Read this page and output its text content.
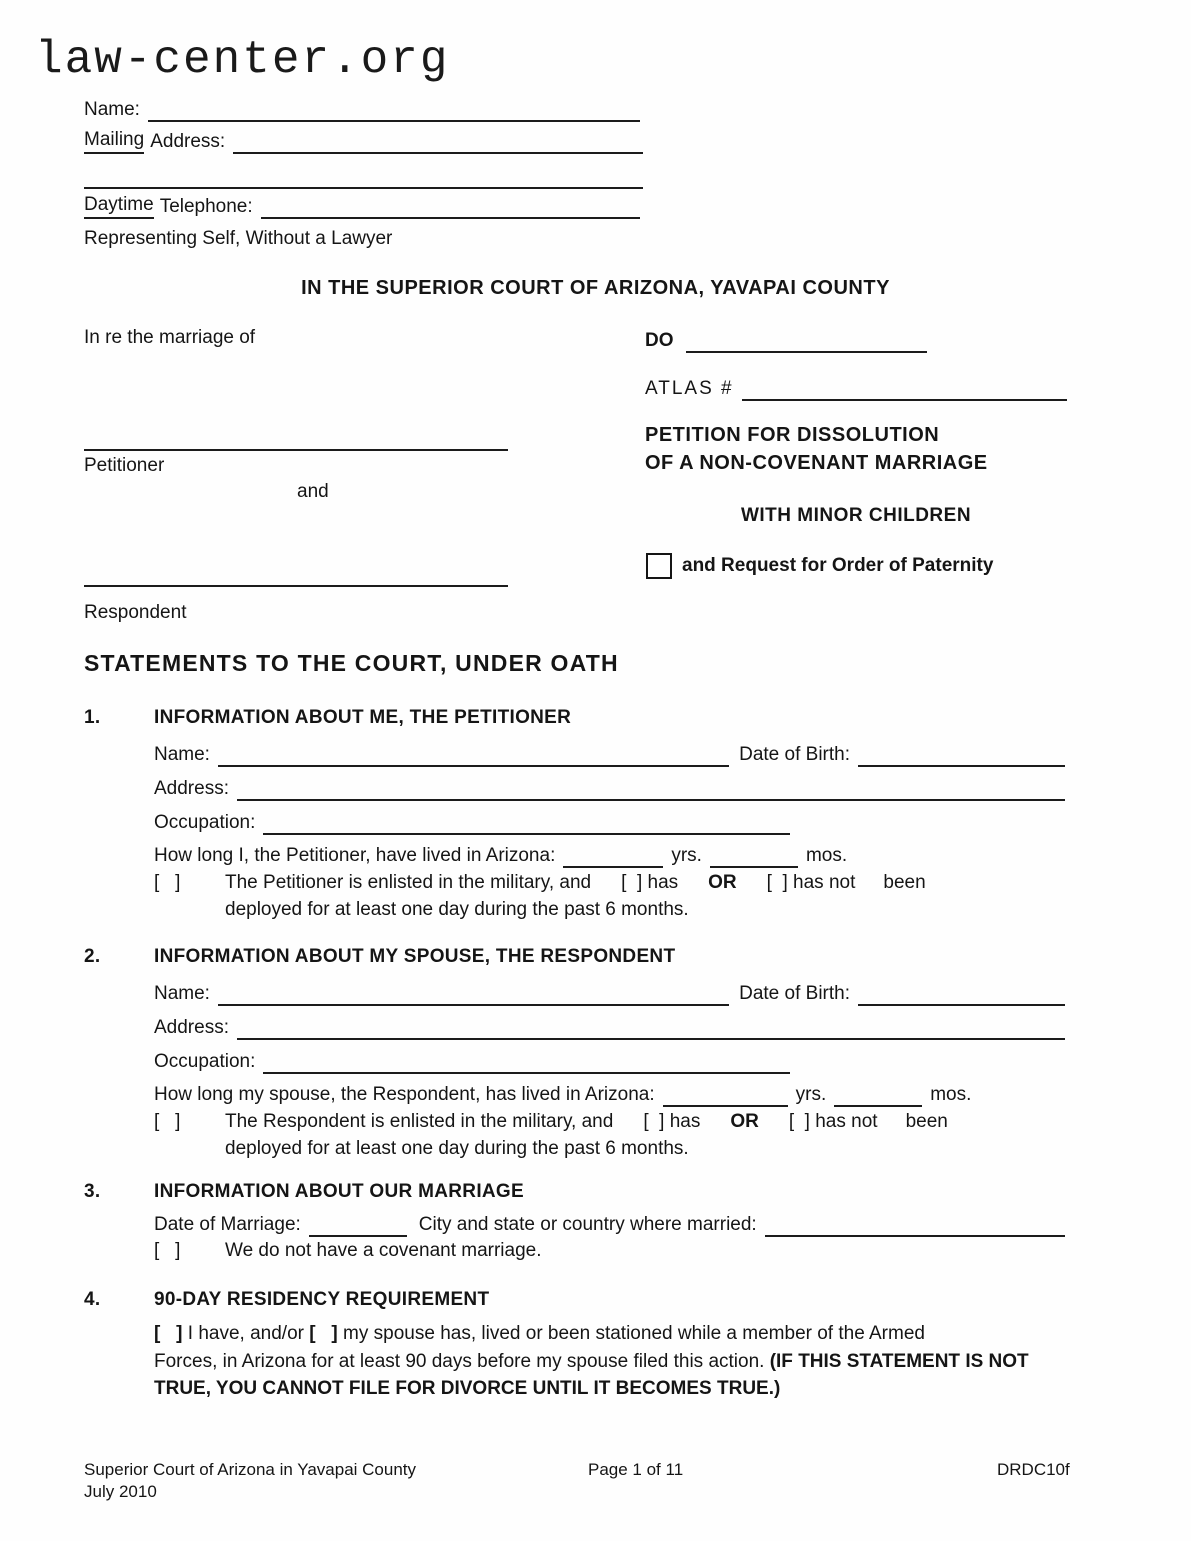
law-center.org
Name:
Mailing Address:
Daytime Telephone:
Representing Self, Without a Lawyer
IN THE SUPERIOR COURT OF ARIZONA, YAVAPAI COUNTY
In re the marriage of
Petitioner
and
Respondent
DO
ATLAS #
PETITION FOR DISSOLUTION
OF A NON-COVENANT MARRIAGE
WITH MINOR CHILDREN
and Request for Order of Paternity
STATEMENTS TO THE COURT, UNDER OATH
1.	INFORMATION ABOUT ME, THE PETITIONER
Name:	Date of Birth:
Address:
Occupation:
How long I, the Petitioner, have lived in Arizona:	yrs.	mos.
[   ]	The Petitioner is enlisted in the military, and [  ] has OR [  ] has not been
deployed for at least one day during the past 6 months.
2.	INFORMATION ABOUT MY SPOUSE, THE RESPONDENT
Name:	Date of Birth:
Address:
Occupation:
How long my spouse, the Respondent, has lived in Arizona:	yrs.	mos.
[   ]	The Respondent is enlisted in the military, and [  ] has OR [  ] has not been
deployed for at least one day during the past 6 months.
3.	INFORMATION ABOUT OUR MARRIAGE
Date of Marriage:	City and state or country where married:
[   ]	We do not have a covenant marriage.
4.	90-DAY RESIDENCY REQUIREMENT
[   ] I have, and/or [   ] my spouse has, lived or been stationed while a member of the Armed
Forces, in Arizona for at least 90 days before my spouse filed this action. (IF THIS STATEMENT IS NOT TRUE, YOU CANNOT FILE FOR DIVORCE UNTIL IT BECOMES TRUE.)
Superior Court of Arizona in Yavapai County
July 2010
Page 1 of 11	DRDC10f
